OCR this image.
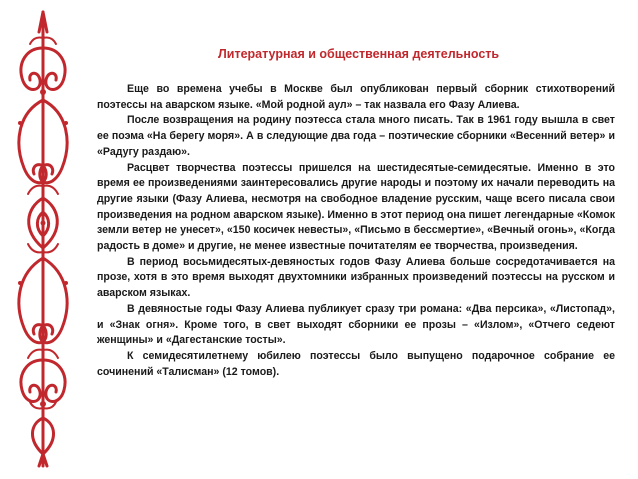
Литературная и общественная деятельность

Еще во времена учебы в Москве был опубликован первый сборник стихотворений поэтессы на аварском языке. «Мой родной аул» – так назвала его Фазу Алиева.

После возвращения на родину поэтесса стала много писать. Так в 1961 году вышла в свет ее поэма «На берегу моря». А в следующие два года – поэтические сборники «Весенний ветер» и «Радугу раздаю».

Расцвет творчества поэтессы пришелся на шестидесятые-семидесятые. Именно в это время ее произведениями заинтересовались другие народы и поэтому их начали переводить на другие языки (Фазу Алиева, несмотря на свободное владение русским, чаще всего писала свои произведения на родном аварском языке). Именно в этот период она пишет легендарные «Комок земли ветер не унесет», «150 косичек невесты», «Письмо в бессмертие», «Вечный огонь», «Когда радость в доме» и другие, не менее известные почитателям ее творчества, произведения.

В период восьмидесятых-девяностых годов Фазу Алиева больше сосредотачивается на прозе, хотя в это время выходят двухтомники избранных произведений поэтессы на русском и аварском языках.

В девяностые годы Фазу Алиева публикует сразу три романа: «Два персика», «Листопад», и «Знак огня». Кроме того, в свет выходят сборники ее прозы – «Излом», «Отчего седеют женщины» и «Дагестанские тосты».

К семидесятилетнему юбилею поэтессы было выпущено подарочное собрание ее сочинений «Талисман» (12 томов).
